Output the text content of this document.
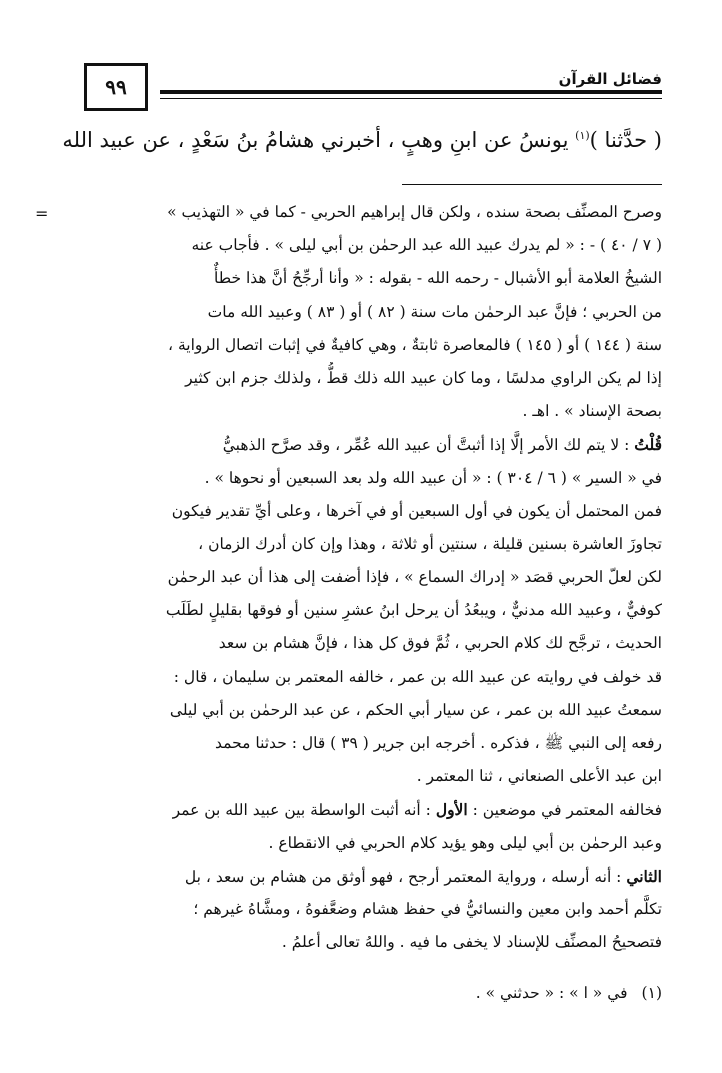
٩٩	فضائل القرآن
( حدَّثنا )$^{(١)}$ يونسُ عن ابنِ وهبٍ ، أخبرني هشامُ بنُ سَعْدٍ ، عن عبيد الله
=	وصرح المصنِّف بصحة سنده ، ولكن قال إبراهيم الحربي - كما في « التهذيب »
( ٧ / ٤٠ ) - : « لم يدرك عبيد الله عبد الرحمٰن بن أبي ليلى » . فأجاب عنه
الشيخُ العلامة أبو الأشبال - رحمه الله - بقوله : « وأنا أرجِّحُ أنَّ هذا خطأٌ
من الحربي ؛ فإنَّ عبد الرحمٰن مات سنة ( ٨٢ ) أو ( ٨٣ ) وعبيد الله مات
سنة ( ١٤٤ ) أو ( ١٤٥ ) فالمعاصرة ثابتةٌ ، وهي كافيةٌ في إثبات اتصال الرواية ،
إذا لم يكن الراوي مدلسًا ، وما كان عبيد الله ذلك قطُّ ، ولذلك جزم ابن كثير
بصحة الإسناد » . اهـ .
قُلْتُ : لا يتم لك الأمر إلَّا إذا أثبتَّ أن عبيد الله عُمِّر ، وقد صرَّح الذهبيُّ
في « السير » ( ٦ / ٣٠٤ ) : « أن عبيد الله ولد بعد السبعين أو نحوها » .
فمن المحتمل أن يكون في أول السبعين أو في آخرها ، وعلى أيِّ تقدير فيكون
تجاوزَ العاشرة بسنين قليلة ، سنتين أو ثلاثة ، وهذا وإن كان أدرك الزمان ،
لكن لعلّ الحربي قصَد « إدراك السماع » ، فإذا أضفت إلى هذا أن عبد الرحمٰن
كوفيٌّ ، وعبيد الله مدنيٌّ ، ويبعُدُ أن يرحل ابنُ عشرِ سنين أو فوقها بقليلٍ لطَلَب
الحديث ، ترجَّح لك كلام الحربي ، ثُمَّ فوق كل هذا ، فإنَّ هشام بن سعد
قد خولف في روايته عن عبيد الله بن عمر ، خالفه المعتمر بن سليمان ، قال :
سمعتُ عبيد الله بن عمر ، عن سيار أبي الحكم ، عن عبد الرحمٰن بن أبي ليلى
رفعه إلى النبي ﷺ ، فذكره . أخرجه ابن جرير ( ٣٩ ) قال : حدثنا محمد
ابن عبد الأعلى الصنعاني ، ثنا المعتمر .
فخالفه المعتمر في موضعين : الأول : أنه أثبت الواسطة بين عبيد الله بن عمر
وعبد الرحمٰن بن أبي ليلى وهو يؤيد كلام الحربي في الانقطاع .
الثاني : أنه أرسله ، ورواية المعتمر أرجح ، فهو أوثق من هشام بن سعد ، بل
تكلَّم أحمد وابن معين والنسائيُّ في حفظ هشام وضعَّفوهُ ، ومشَّاهُ غيرهم ؛
فتصحيحُ المصنِّف للإسناد لا يخفى ما فيه . واللهُ تعالى أعلمُ .
(١)في « ا » : « حدثني » .
